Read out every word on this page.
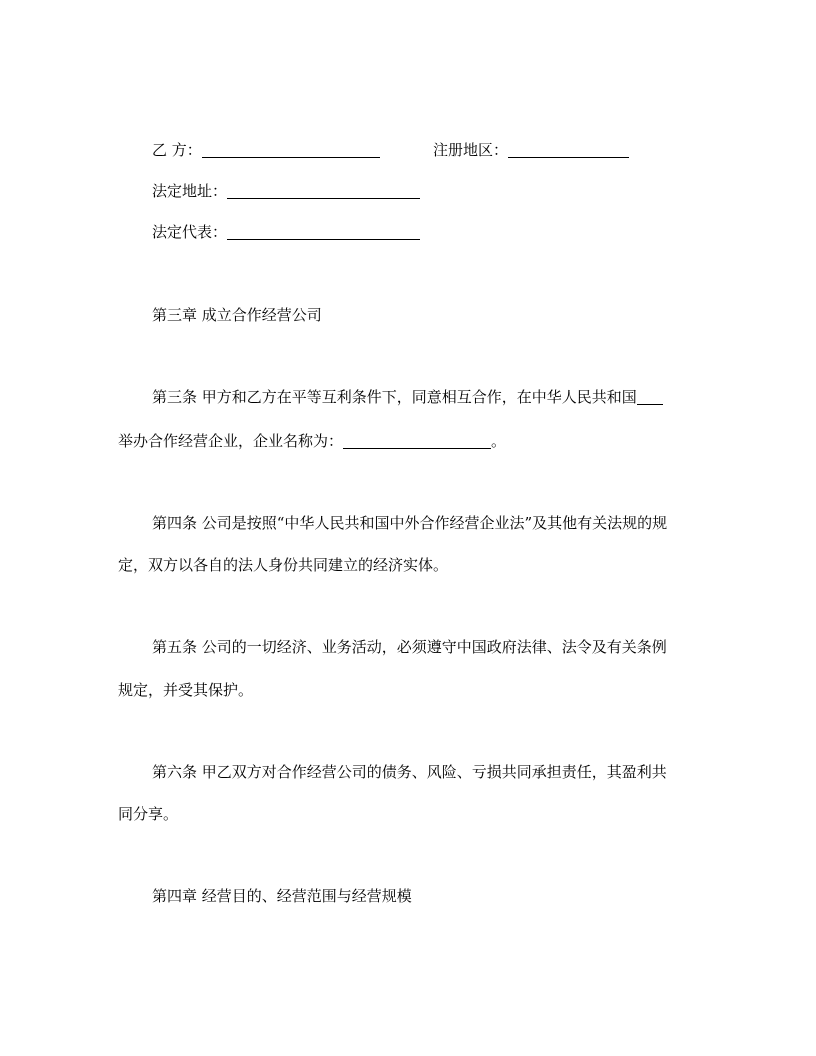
乙 方：	注册地区：
法定地址：
法定代表：
第三章 成立合作经营公司
第三条 甲方和乙方在平等互利条件下，同意相互合作，在中华人民共和国
举办合作经营企业，企业名称为：	。
第四条 公司是按照“中华人民共和国中外合作经营企业法”及其他有关法规的规
定，双方以各自的法人身份共同建立的经济实体。
第五条 公司的一切经济、业务活动，必须遵守中国政府法律、法令及有关条例
规定，并受其保护。
第六条 甲乙双方对合作经营公司的债务、风险、亏损共同承担责任，其盈利共
同分享。
第四章 经营目的、经营范围与经营规模
